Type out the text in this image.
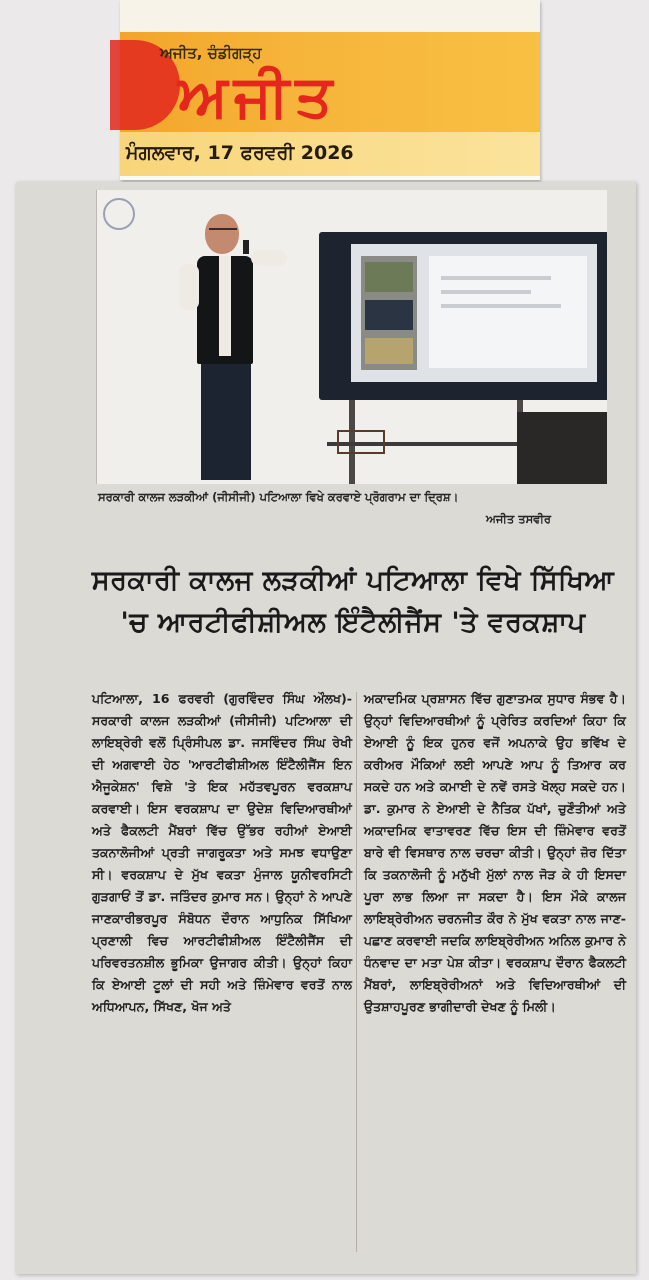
ਅਜੀਤ, ਚੰਡੀਗੜ੍ਹ
ਅਜੀਤ
ਮੰਗਲਵਾਰ, 17 ਫਰਵਰੀ 2026
ਸਰਕਾਰੀ ਕਾਲਜ ਲੜਕੀਆਂ (ਜੀਸੀਜੀ) ਪਟਿਆਲਾ ਵਿਖੇ ਕਰਵਾਏ ਪ੍ਰੋਗਰਾਮ ਦਾ ਦ੍ਰਿਸ਼।
ਅਜੀਤ ਤਸਵੀਰ
ਸਰਕਾਰੀ ਕਾਲਜ ਲੜਕੀਆਂ ਪਟਿਆਲਾ ਵਿਖੇ ਸਿੱਖਿਆ
'ਚ ਆਰਟੀਫੀਸ਼ੀਅਲ ਇੰਟੈਲੀਜੈਂਸ 'ਤੇ ਵਰਕਸ਼ਾਪ
ਪਟਿਆਲਾ, 16 ਫਰਵਰੀ (ਗੁਰਵਿੰਦਰ ਸਿੰਘ ਔਲਖ)-ਸਰਕਾਰੀ ਕਾਲਜ ਲੜਕੀਆਂ (ਜੀਸੀਜੀ) ਪਟਿਆਲਾ ਦੀ ਲਾਇਬ੍ਰੇਰੀ ਵਲੋਂ ਪ੍ਰਿੰਸੀਪਲ ਡਾ. ਜਸਵਿੰਦਰ ਸਿੰਘ ਰੇਖੀ ਦੀ ਅਗਵਾਈ ਹੇਠ 'ਆਰਟੀਫੀਸ਼ੀਅਲ ਇੰਟੈਲੀਜੈਂਸ ਇਨ ਐਜੂਕੇਸ਼ਨ' ਵਿਸ਼ੇ 'ਤੇ ਇਕ ਮਹੱਤਵਪੂਰਨ ਵਰਕਸ਼ਾਪ ਕਰਵਾਈ। ਇਸ ਵਰਕਸ਼ਾਪ ਦਾ ਉਦੇਸ਼ ਵਿਦਿਆਰਥੀਆਂ ਅਤੇ ਫੈਕਲਟੀ ਮੈਂਬਰਾਂ ਵਿੱਚ ਉੱਭਰ ਰਹੀਆਂ ਏਆਈ ਤਕਨਾਲੋਜੀਆਂ ਪ੍ਰਤੀ ਜਾਗਰੂਕਤਾ ਅਤੇ ਸਮਝ ਵਧਾਉਣਾ ਸੀ। ਵਰਕਸ਼ਾਪ ਦੇ ਮੁੱਖ ਵਕਤਾ ਮੁੰਜਾਲ ਯੂਨੀਵਰਸਿਟੀ ਗੁੜਗਾਓਂ ਤੋਂ ਡਾ. ਜਤਿੰਦਰ ਕੁਮਾਰ ਸਨ। ਉਨ੍ਹਾਂ ਨੇ ਆਪਣੇ ਜਾਣਕਾਰੀਭਰਪੂਰ ਸੰਬੋਧਨ ਦੌਰਾਨ ਆਧੁਨਿਕ ਸਿੱਖਿਆ ਪ੍ਰਣਾਲੀ ਵਿਚ ਆਰਟੀਫੀਸ਼ੀਅਲ ਇੰਟੈਲੀਜੈਂਸ ਦੀ ਪਰਿਵਰਤਨਸ਼ੀਲ ਭੂਮਿਕਾ ਉਜਾਗਰ ਕੀਤੀ। ਉਨ੍ਹਾਂ ਕਿਹਾ ਕਿ ਏਆਈ ਟੂਲਾਂ ਦੀ ਸਹੀ ਅਤੇ ਜ਼ਿੰਮੇਵਾਰ ਵਰਤੋਂ ਨਾਲ ਅਧਿਆਪਨ, ਸਿੱਖਣ, ਖੋਜ ਅਤੇ
ਅਕਾਦਮਿਕ ਪ੍ਰਸ਼ਾਸਨ ਵਿੱਚ ਗੁਣਾਤਮਕ ਸੁਧਾਰ ਸੰਭਵ ਹੈ। ਉਨ੍ਹਾਂ ਵਿਦਿਆਰਥੀਆਂ ਨੂੰ ਪ੍ਰੇਰਿਤ ਕਰਦਿਆਂ ਕਿਹਾ ਕਿ ਏਆਈ ਨੂੰ ਇਕ ਹੁਨਰ ਵਜੋਂ ਅਪਨਾਕੇ ਉਹ ਭਵਿੱਖ ਦੇ ਕਰੀਅਰ ਮੌਕਿਆਂ ਲਈ ਆਪਣੇ ਆਪ ਨੂੰ ਤਿਆਰ ਕਰ ਸਕਦੇ ਹਨ ਅਤੇ ਕਮਾਈ ਦੇ ਨਵੇਂ ਰਸਤੇ ਖੋਲ੍ਹ ਸਕਦੇ ਹਨ। ਡਾ. ਕੁਮਾਰ ਨੇ ਏਆਈ ਦੇ ਨੈਤਿਕ ਪੱਖਾਂ, ਚੁਣੌਤੀਆਂ ਅਤੇ ਅਕਾਦਮਿਕ ਵਾਤਾਵਰਣ ਵਿੱਚ ਇਸ ਦੀ ਜ਼ਿੰਮੇਵਾਰ ਵਰਤੋਂ ਬਾਰੇ ਵੀ ਵਿਸਥਾਰ ਨਾਲ ਚਰਚਾ ਕੀਤੀ। ਉਨ੍ਹਾਂ ਜ਼ੋਰ ਦਿੱਤਾ ਕਿ ਤਕਨਾਲੋਜੀ ਨੂੰ ਮਨੁੱਖੀ ਮੁੱਲਾਂ ਨਾਲ ਜੋੜ ਕੇ ਹੀ ਇਸਦਾ ਪੂਰਾ ਲਾਭ ਲਿਆ ਜਾ ਸਕਦਾ ਹੈ। ਇਸ ਮੌਕੇ ਕਾਲਜ ਲਾਇਬ੍ਰੇਰੀਅਨ ਚਰਨਜੀਤ ਕੌਰ ਨੇ ਮੁੱਖ ਵਕਤਾ ਨਾਲ ਜਾਣ-ਪਛਾਣ ਕਰਵਾਈ ਜਦਕਿ ਲਾਇਬ੍ਰੇਰੀਅਨ ਅਨਿਲ ਕੁਮਾਰ ਨੇ ਧੰਨਵਾਦ ਦਾ ਮਤਾ ਪੇਸ਼ ਕੀਤਾ। ਵਰਕਸ਼ਾਪ ਦੌਰਾਨ ਫੈਕਲਟੀ ਮੈਂਬਰਾਂ, ਲਾਇਬ੍ਰੇਰੀਅਨਾਂ ਅਤੇ ਵਿਦਿਆਰਥੀਆਂ ਦੀ ਉਤਸ਼ਾਹਪੂਰਣ ਭਾਗੀਦਾਰੀ ਦੇਖਣ ਨੂੰ ਮਿਲੀ।
